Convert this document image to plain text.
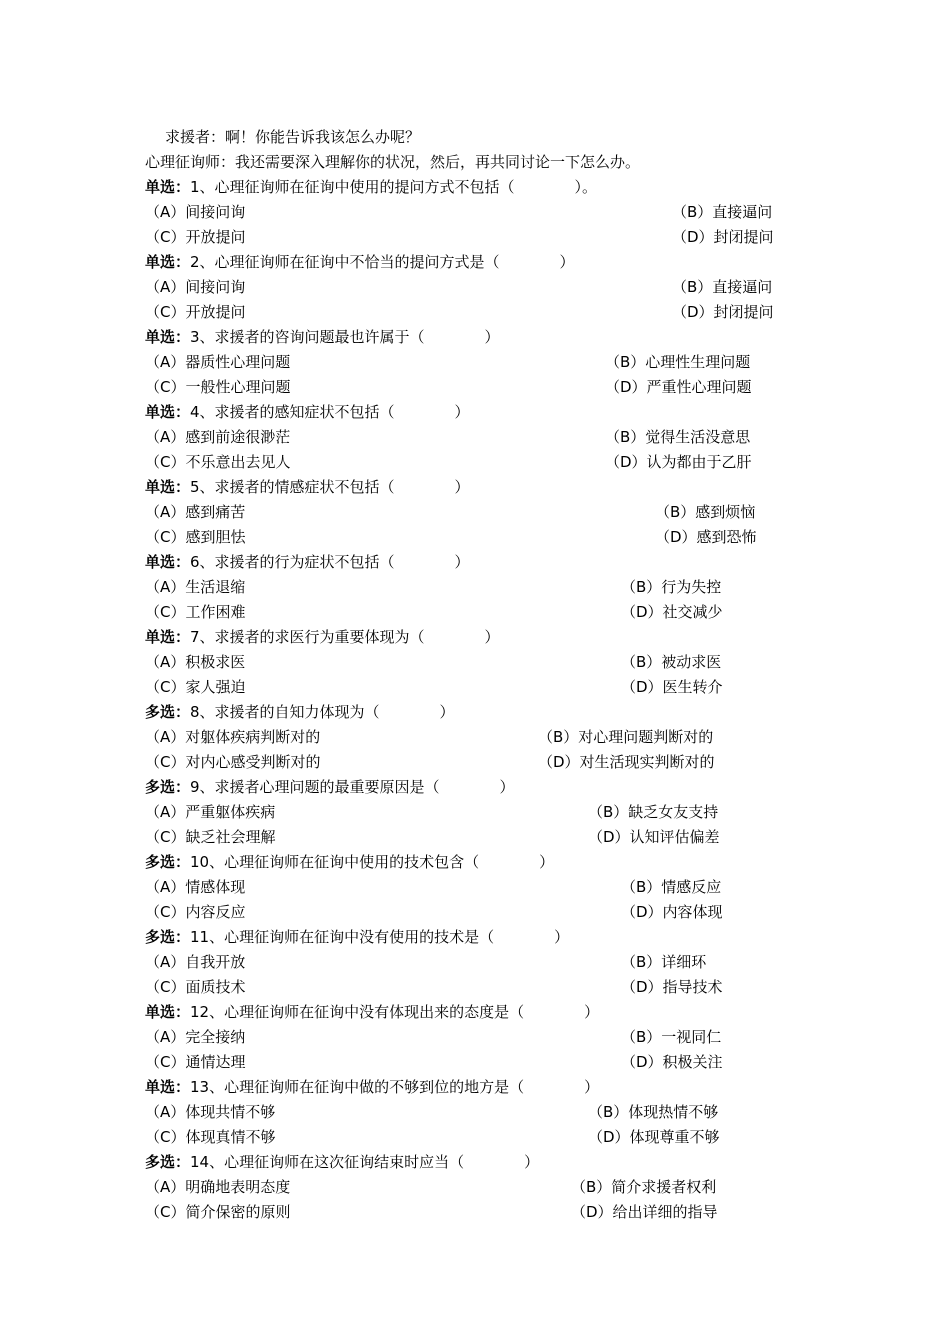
求援者：啊！你能告诉我该怎么办呢？
心理征询师：我还需要深入理解你的状况，然后，再共同讨论一下怎么办。
单选：1、心理征询师在征询中使用的提问方式不包括（　　　　）。
（A）间接问询	（B）直接逼问
（C）开放提问	（D）封闭提问
单选：2、心理征询师在征询中不恰当的提问方式是（　　　　）
（A）间接问询	（B）直接逼问
（C）开放提问	（D）封闭提问
单选：3、求援者的咨询问题最也许属于（　　　　）
（A）器质性心理问题	（B）心理性生理问题
（C）一般性心理问题	（D）严重性心理问题
单选：4、求援者的感知症状不包括（　　　　）
（A）感到前途很渺茫	（B）觉得生活没意思
（C）不乐意出去见人	（D）认为都由于乙肝
单选：5、求援者的情感症状不包括（　　　　）
（A）感到痛苦	（B）感到烦恼
（C）感到胆怯	（D）感到恐怖
单选：6、求援者的行为症状不包括（　　　　）
（A）生活退缩	（B）行为失控
（C）工作困难	（D）社交减少
单选：7、求援者的求医行为重要体现为（　　　　）
（A）积极求医	（B）被动求医
（C）家人强迫	（D）医生转介
多选：8、求援者的自知力体现为（　　　　）
（A）对躯体疾病判断对的	（B）对心理问题判断对的
（C）对内心感受判断对的	（D）对生活现实判断对的
多选：9、求援者心理问题的最重要原因是（　　　　）
（A）严重躯体疾病	（B）缺乏女友支持
（C）缺乏社会理解	（D）认知评估偏差
多选：10、心理征询师在征询中使用的技术包含（　　　　）
（A）情感体现	（B）情感反应
（C）内容反应	（D）内容体现
多选：11、心理征询师在征询中没有使用的技术是（　　　　）
（A）自我开放	（B）详细环
（C）面质技术	（D）指导技术
单选：12、心理征询师在征询中没有体现出来的态度是（　　　　）
（A）完全接纳	（B）一视同仁
（C）通情达理	（D）积极关注
单选：13、心理征询师在征询中做的不够到位的地方是（　　　　）
（A）体现共情不够	（B）体现热情不够
（C）体现真情不够	（D）体现尊重不够
多选：14、心理征询师在这次征询结束时应当（　　　　）
（A）明确地表明态度	（B）简介求援者权利
（C）简介保密的原则	（D）给出详细的指导
